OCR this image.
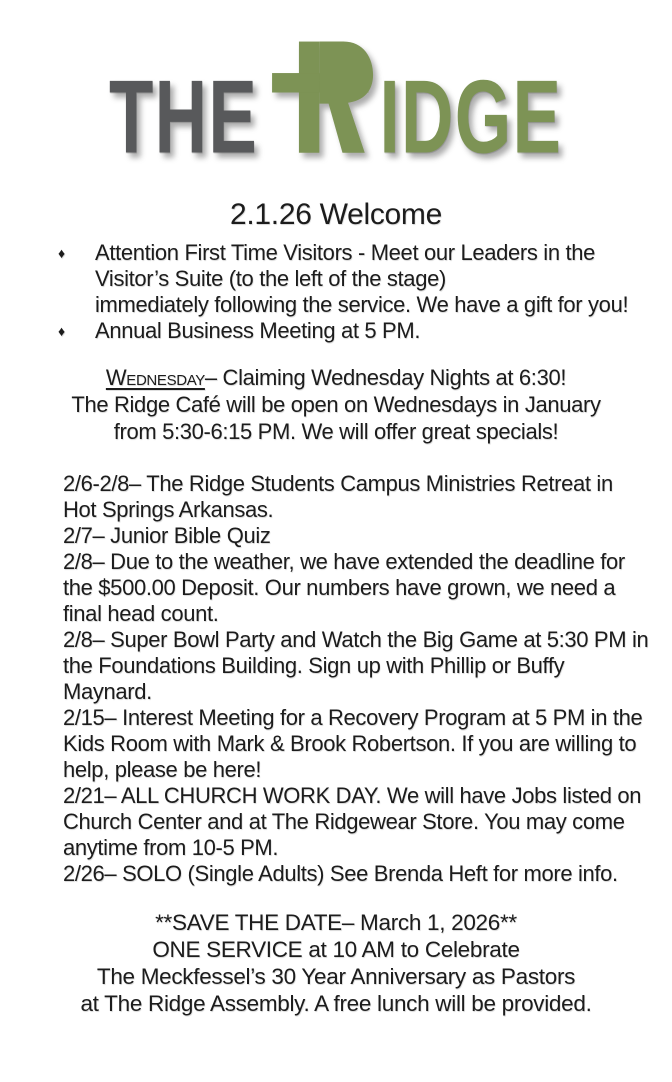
THE IDGE
2.1.26 Welcome
♦	Attention First Time Visitors - Meet our Leaders in the
Visitor’s Suite (to the left of the stage)
immediately following the service. We have a gift for you!
♦	Annual Business Meeting at 5 PM.

Wednesday– Claiming Wednesday Nights at 6:30!

The Ridge Café will be open on Wednesdays in January
from 5:30-6:15 PM. We will offer great specials!

2/6-2/8– The Ridge Students Campus Ministries Retreat in
Hot Springs Arkansas.

2/7– Junior Bible Quiz

2/8– Due to the weather, we have extended the deadline for
the $500.00 Deposit. Our numbers have grown, we need a
final head count.

2/8– Super Bowl Party and Watch the Big Game at 5:30 PM in
the Foundations Building. Sign up with Phillip or Buffy Maynard.

2/15– Interest Meeting for a Recovery Program at 5 PM in the
Kids Room with Mark & Brook Robertson. If you are willing to
help, please be here!

2/21– ALL CHURCH WORK DAY. We will have Jobs listed on
Church Center and at The Ridgewear Store. You may come
anytime from 10-5 PM.

2/26– SOLO (Single Adults) See Brenda Heft for more info.

**SAVE THE DATE– March 1, 2026**
ONE SERVICE at 10 AM to Celebrate
The Meckfessel’s 30 Year Anniversary as Pastors
at The Ridge Assembly. A free lunch will be provided.
